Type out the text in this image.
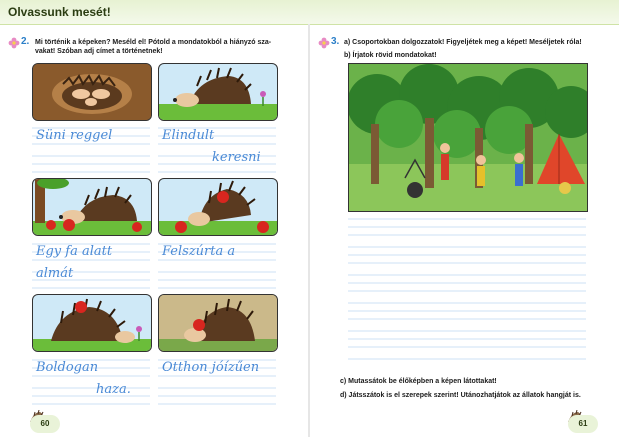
Olvassunk mesét!
2. Mi történik a képeken? Meséld el! Pótold a mondatokból a hiányzó sza-
vakat! Szóban adj címet a történetnek!
Süni reggel	Elindult
keresni
Egy fa alatt
almát
Felszúrta a
Boldogan
haza.
Otthon jóízűen
60
3. a) Csoportokban dolgozzatok! Figyeljétek meg a képet! Meséljetek róla!
b) Írjatok rövid mondatokat!
c) Mutassátok be élőképben a képen látottakat!
d) Játsszátok is el szerepek szerint! Utánozhatjátok az állatok hangját is.
61
